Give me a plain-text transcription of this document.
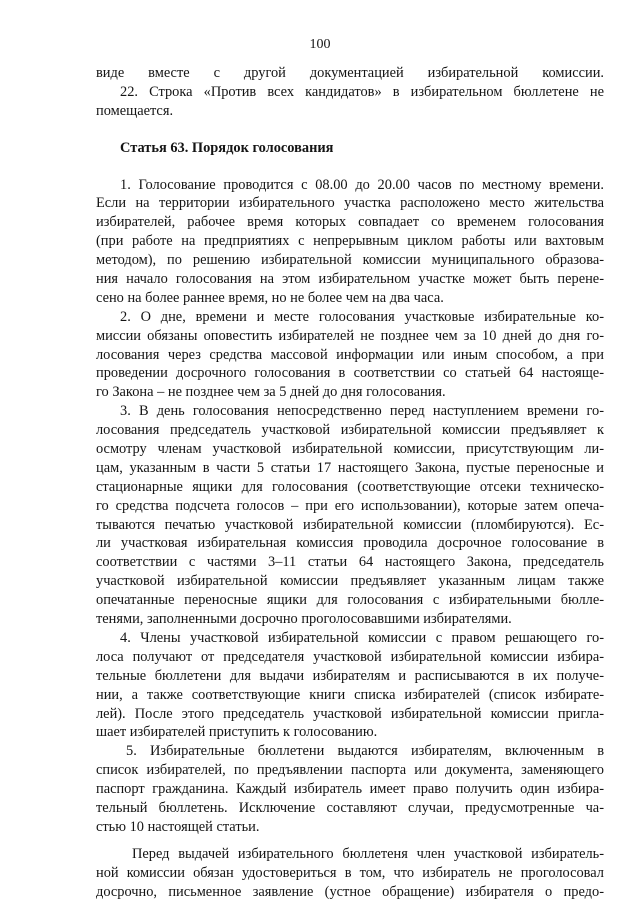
100
виде вместе с другой документацией избирательной комиссии.
22. Строка «Против всех кандидатов» в избирательном бюллетене не
помещается.
Статья 63. Порядок голосования
1. Голосование проводится с 08.00 до 20.00 часов по местному времени.
Если на территории избирательного участка расположено место жительства
избирателей, рабочее время которых совпадает со временем голосования
(при работе на предприятиях с непрерывным циклом работы или вахтовым
методом), по решению избирательной комиссии муниципального образова-
ния начало голосования на этом избирательном участке может быть перене-
сено на более раннее время, но не более чем на два часа.
2. О дне, времени и месте голосования участковые избирательные ко-
миссии обязаны оповестить избирателей не позднее чем за 10 дней до дня го-
лосования через средства массовой информации или иным способом, а при
проведении досрочного голосования в соответствии со статьей 64 настояще-
го Закона – не позднее чем за 5 дней до дня голосования.
3. В день голосования непосредственно перед наступлением времени го-
лосования председатель участковой избирательной комиссии предъявляет к
осмотру членам участковой избирательной комиссии, присутствующим ли-
цам, указанным в части 5 статьи 17 настоящего Закона, пустые переносные и
стационарные ящики для голосования (соответствующие отсеки техническо-
го средства подсчета голосов – при его использовании), которые затем опеча-
тываются печатью участковой избирательной комиссии (пломбируются). Ес-
ли участковая избирательная комиссия проводила досрочное голосование в
соответствии с частями 3–11 статьи 64 настоящего Закона, председатель
участковой избирательной комиссии предъявляет указанным лицам также
опечатанные переносные ящики для голосования с избирательными бюлле-
тенями, заполненными досрочно проголосовавшими избирателями.
4. Члены участковой избирательной комиссии с правом решающего го-
лоса получают от председателя участковой избирательной комиссии избира-
тельные бюллетени для выдачи избирателям и расписываются в их получе-
нии, а также соответствующие книги списка избирателей (список избирате-
лей). После этого председатель участковой избирательной комиссии пригла-
шает избирателей приступить к голосованию.
5. Избирательные бюллетени выдаются избирателям, включенным в
список избирателей, по предъявлении паспорта или документа, заменяющего
паспорт гражданина. Каждый избиратель имеет право получить один избира-
тельный бюллетень. Исключение составляют случаи, предусмотренные ча-
стью 10 настоящей статьи.
Перед выдачей избирательного бюллетеня член участковой избиратель-
ной комиссии обязан удостовериться в том, что избиратель не проголосовал
досрочно, письменное заявление (устное обращение) избирателя о предо-
